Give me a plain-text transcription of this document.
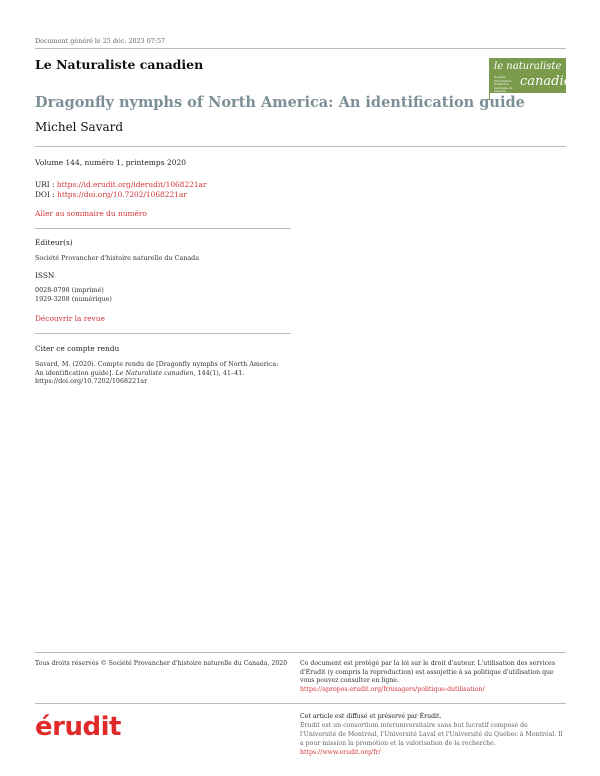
Document généré le 25 déc. 2023 07:57
Le Naturaliste canadien	le naturaliste
Société Provancher d'histoire naturelle du Canada
canadien
Dragonfly nymphs of North America: An identification guide
Michel Savard
Volume 144, numéro 1, printemps 2020
URI : https://id.erudit.org/iderudit/1068221ar
DOI : https://doi.org/10.7202/1068221ar
Aller au sommaire du numéro
Éditeur(s)
Société Provancher d'histoire naturelle du Canada
ISSN
0028-0798 (imprimé)
1929-3208 (numérique)
Découvrir la revue
Citer ce compte rendu
Savard, M. (2020). Compte rendu de [Dragonfly nymphs of North America: An identification guide]. Le Naturaliste canadien, 144(1), 41–41.
https://doi.org/10.7202/1068221ar
Tous droits réservés © Société Provancher d'histoire naturelle du Canada, 2020	Ce document est protégé par la loi sur le droit d'auteur. L'utilisation des services d'Érudit (y compris la reproduction) est assujettie à sa politique d'utilisation que vous pouvez consulter en ligne.
https://apropos.erudit.org/fr/usagers/politique-dutilisation/
érudit	Cet article est diffusé et préservé par Érudit.
Érudit est un consortium interuniversitaire sans but lucratif composé de l'Université de Montréal, l'Université Laval et l'Université du Québec à Montréal. Il a pour mission la promotion et la valorisation de la recherche.
https://www.erudit.org/fr/
